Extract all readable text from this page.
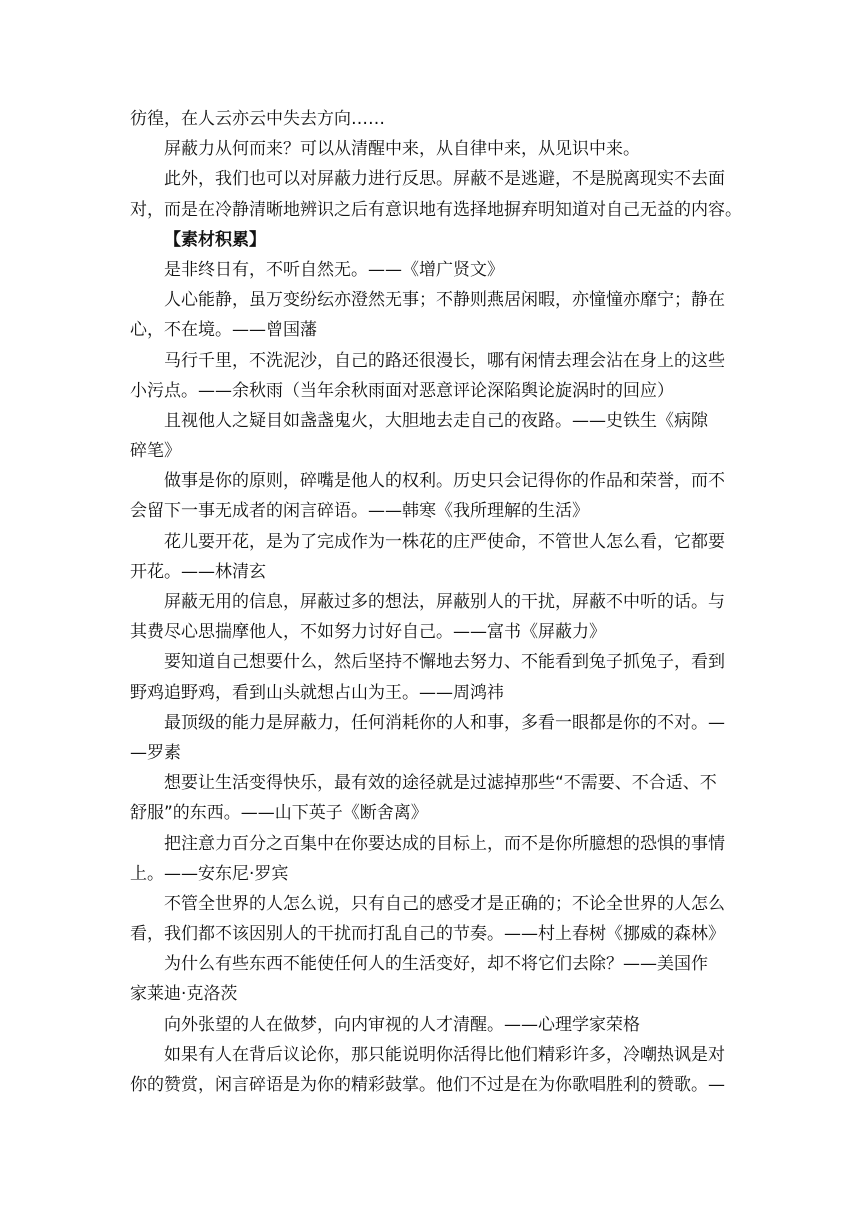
彷徨，在人云亦云中失去方向……
屏蔽力从何而来？可以从清醒中来，从自律中来，从见识中来。
此外，我们也可以对屏蔽力进行反思。屏蔽不是逃避，不是脱离现实不去面
对，而是在冷静清晰地辨识之后有意识地有选择地摒弃明知道对自己无益的内容。
【素材积累】
是非终日有，不听自然无。——《增广贤文》
人心能静，虽万变纷纭亦澄然无事；不静则燕居闲暇，亦憧憧亦靡宁；静在
心，不在境。——曾国藩
马行千里，不洗泥沙，自己的路还很漫长，哪有闲情去理会沾在身上的这些
小污点。——余秋雨（当年余秋雨面对恶意评论深陷舆论旋涡时的回应）
且视他人之疑目如盏盏鬼火，大胆地去走自己的夜路。——史铁生《病隙
碎笔》
做事是你的原则，碎嘴是他人的权利。历史只会记得你的作品和荣誉，而不
会留下一事无成者的闲言碎语。——韩寒《我所理解的生活》
花儿要开花，是为了完成作为一株花的庄严使命，不管世人怎么看，它都要
开花。——林清玄
屏蔽无用的信息，屏蔽过多的想法，屏蔽别人的干扰，屏蔽不中听的话。与
其费尽心思揣摩他人，不如努力讨好自己。——富书《屏蔽力》
要知道自己想要什么，然后坚持不懈地去努力、不能看到兔子抓兔子，看到
野鸡追野鸡，看到山头就想占山为王。——周鸿祎
最顶级的能力是屏蔽力，任何消耗你的人和事，多看一眼都是你的不对。—
—罗素
想要让生活变得快乐，最有效的途径就是过滤掉那些“不需要、不合适、不
舒服”的东西。——山下英子《断舍离》
把注意力百分之百集中在你要达成的目标上，而不是你所臆想的恐惧的事情
上。——安东尼·罗宾
不管全世界的人怎么说，只有自己的感受才是正确的；不论全世界的人怎么
看，我们都不该因别人的干扰而打乱自己的节奏。——村上春树《挪威的森林》
为什么有些东西不能使任何人的生活变好，却不将它们去除？——美国作
家莱迪·克洛茨
向外张望的人在做梦，向内审视的人才清醒。——心理学家荣格
如果有人在背后议论你，那只能说明你活得比他们精彩许多，冷嘲热讽是对
你的赞赏，闲言碎语是为你的精彩鼓掌。他们不过是在为你歌唱胜利的赞歌。—
